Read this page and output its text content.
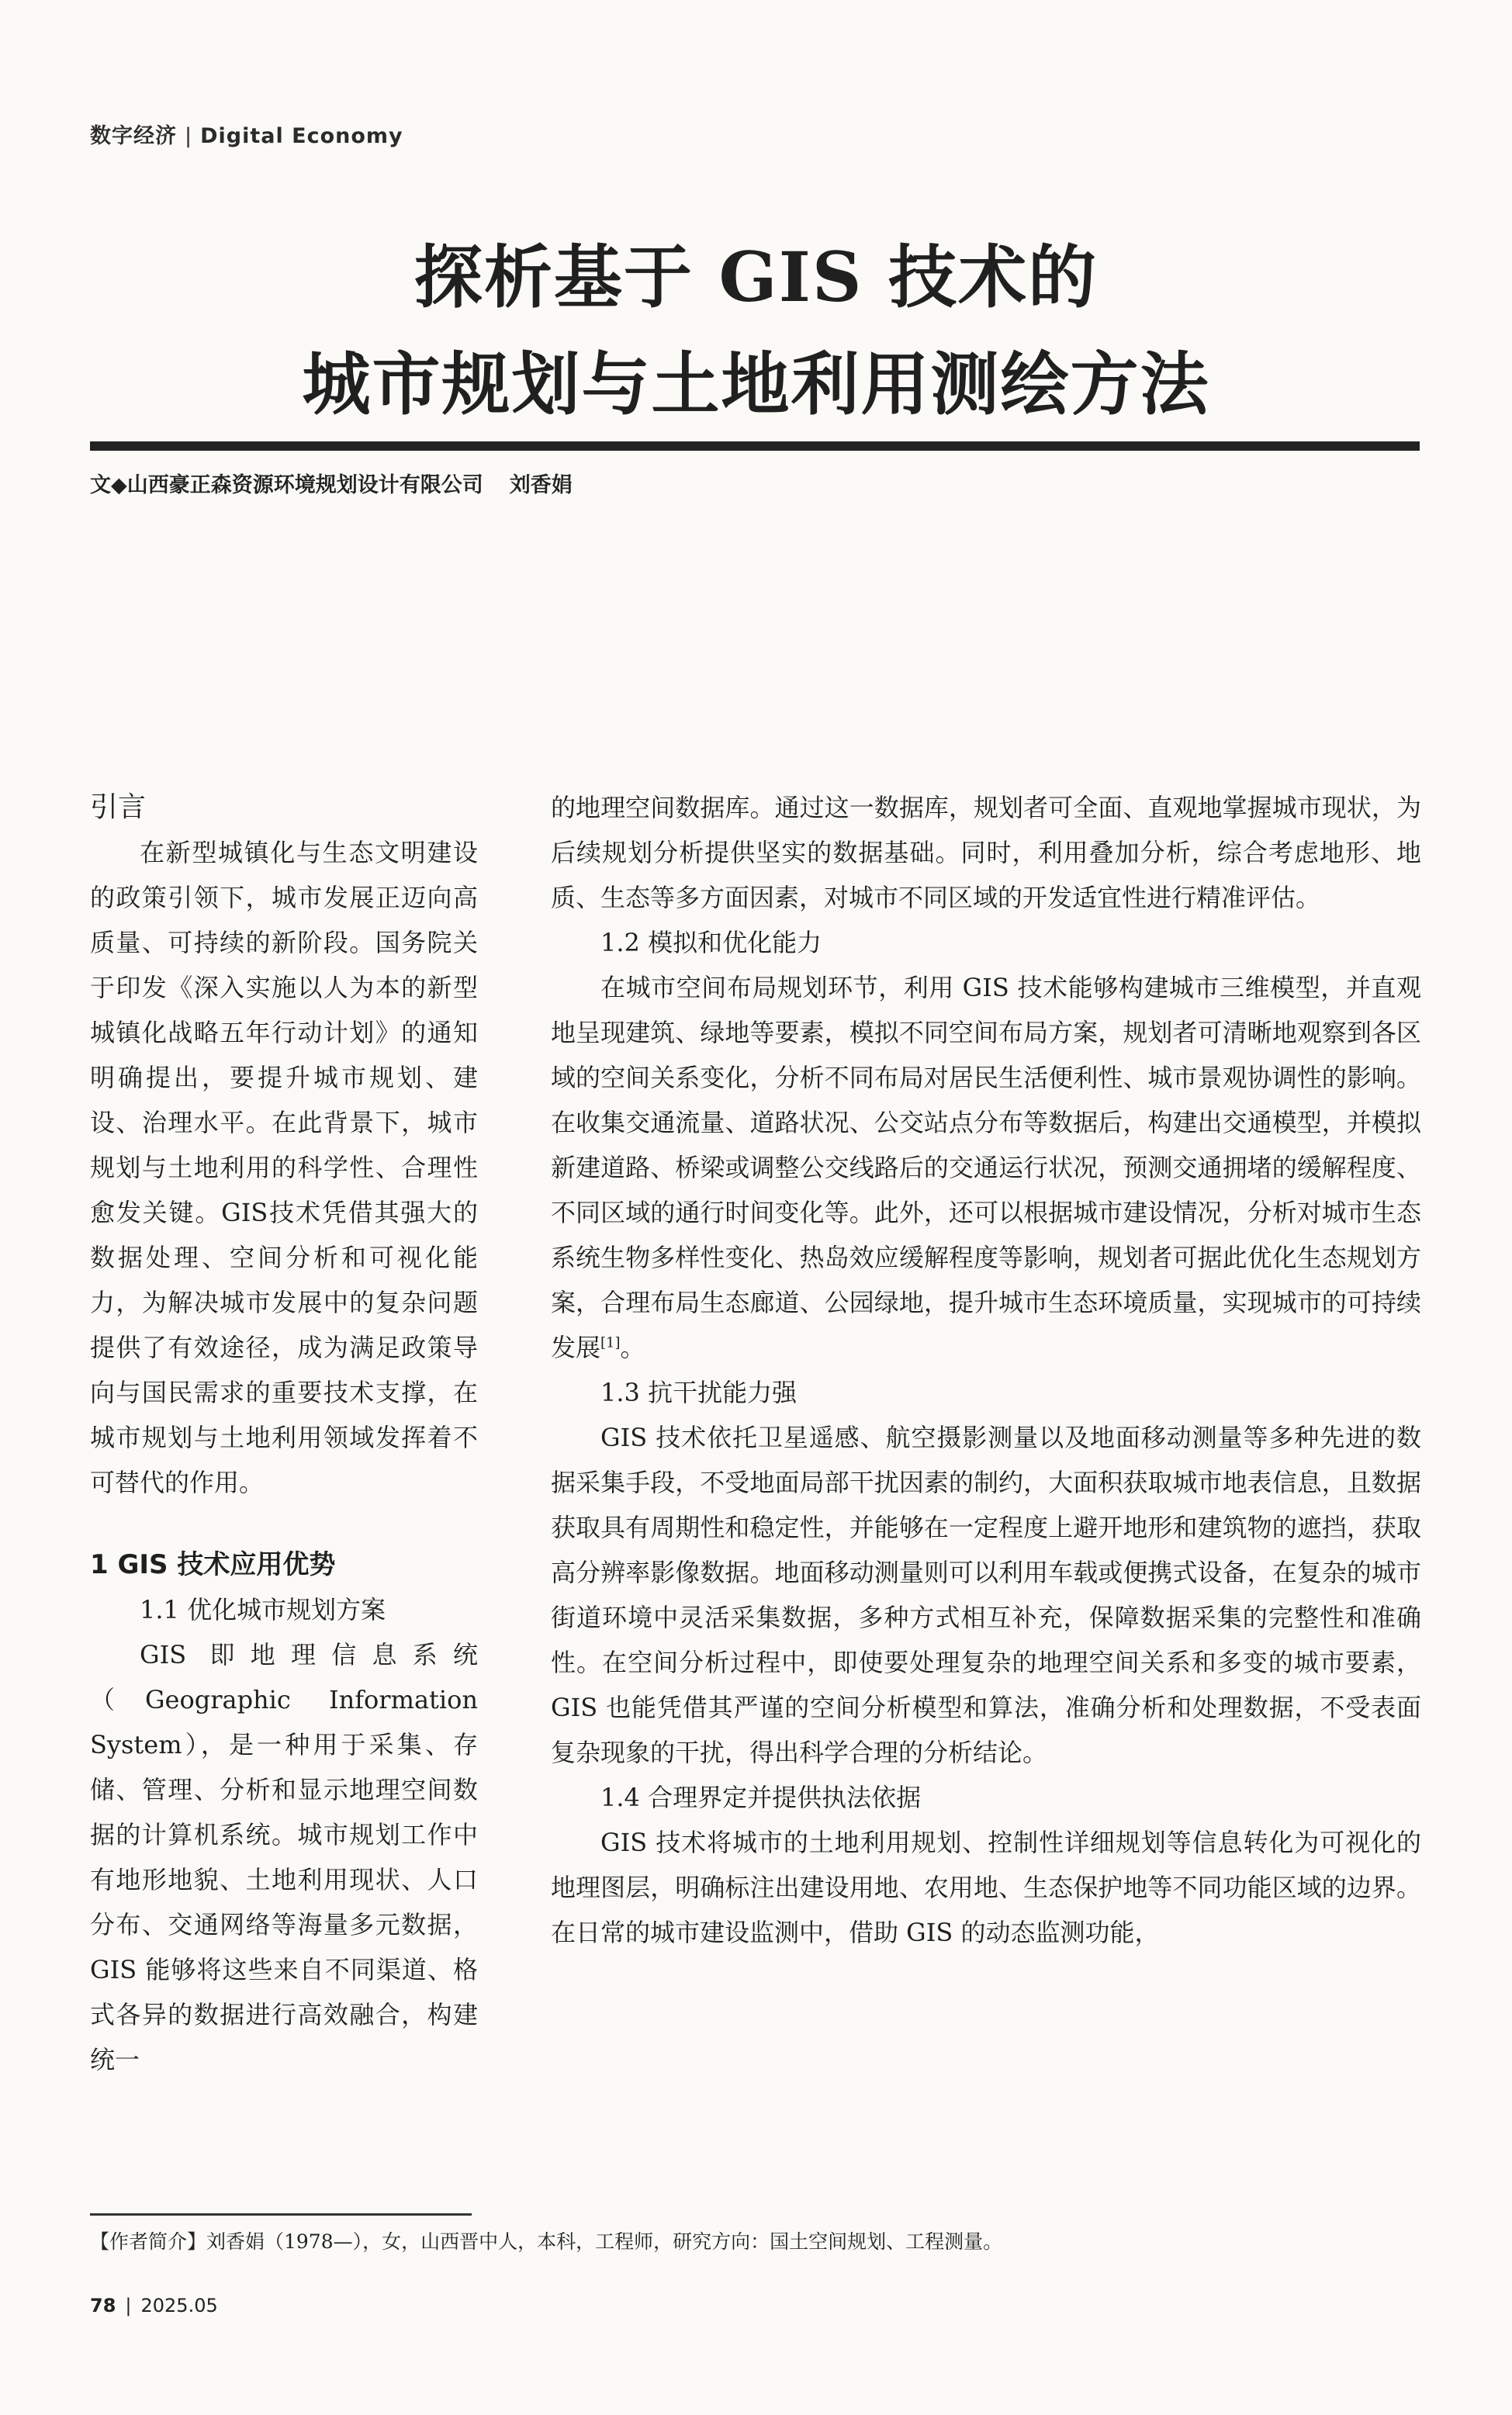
数字经济 | Digital Economy
探析基于 GIS 技术的
城市规划与土地利用测绘方法
文◆山西豪正森资源环境规划设计有限公司 刘香娟
引言

在新型城镇化与生态文明建设的政策引领下，城市发展正迈向高质量、可持续的新阶段。国务院关于印发《深入实施以人为本的新型城镇化战略五年行动计划》的通知明确提出，要提升城市规划、建设、治理水平。在此背景下，城市规划与土地利用的科学性、合理性愈发关键。GIS技术凭借其强大的数据处理、空间分析和可视化能力，为解决城市发展中的复杂问题提供了有效途径，成为满足政策导向与国民需求的重要技术支撑，在城市规划与土地利用领域发挥着不可替代的作用。

1 GIS 技术应用优势
1.1 优化城市规划方案

GIS 即地理信息系统（Geographic Information System），是一种用于采集、存储、管理、分析和显示地理空间数据的计算机系统。城市规划工作中有地形地貌、土地利用现状、人口分布、交通网络等海量多元数据，GIS 能够将这些来自不同渠道、格式各异的数据进行高效融合，构建统一

的地理空间数据库。通过这一数据库，规划者可全面、直观地掌握城市现状，为后续规划分析提供坚实的数据基础。同时，利用叠加分析，综合考虑地形、地质、生态等多方面因素，对城市不同区域的开发适宜性进行精准评估。

1.2 模拟和优化能力

在城市空间布局规划环节，利用 GIS 技术能够构建城市三维模型，并直观地呈现建筑、绿地等要素，模拟不同空间布局方案，规划者可清晰地观察到各区域的空间关系变化，分析不同布局对居民生活便利性、城市景观协调性的影响。在收集交通流量、道路状况、公交站点分布等数据后，构建出交通模型，并模拟新建道路、桥梁或调整公交线路后的交通运行状况，预测交通拥堵的缓解程度、不同区域的通行时间变化等。此外，还可以根据城市建设情况，分析对城市生态系统生物多样性变化、热岛效应缓解程度等影响，规划者可据此优化生态规划方案，合理布局生态廊道、公园绿地，提升城市生态环境质量，实现城市的可持续发展[1]。

1.3 抗干扰能力强

GIS 技术依托卫星遥感、航空摄影测量以及地面移动测量等多种先进的数据采集手段，不受地面局部干扰因素的制约，大面积获取城市地表信息，且数据获取具有周期性和稳定性，并能够在一定程度上避开地形和建筑物的遮挡，获取高分辨率影像数据。地面移动测量则可以利用车载或便携式设备，在复杂的城市街道环境中灵活采集数据，多种方式相互补充，保障数据采集的完整性和准确性。在空间分析过程中，即使要处理复杂的地理空间关系和多变的城市要素，GIS 也能凭借其严谨的空间分析模型和算法，准确分析和处理数据，不受表面复杂现象的干扰，得出科学合理的分析结论。

1.4 合理界定并提供执法依据

GIS 技术将城市的土地利用规划、控制性详细规划等信息转化为可视化的地理图层，明确标注出建设用地、农用地、生态保护地等不同功能区域的边界。在日常的城市建设监测中，借助 GIS 的动态监测功能，

【作者简介】刘香娟（1978—），女，山西晋中人，本科，工程师，研究方向：国土空间规划、工程测量。
78 | 2025.05
